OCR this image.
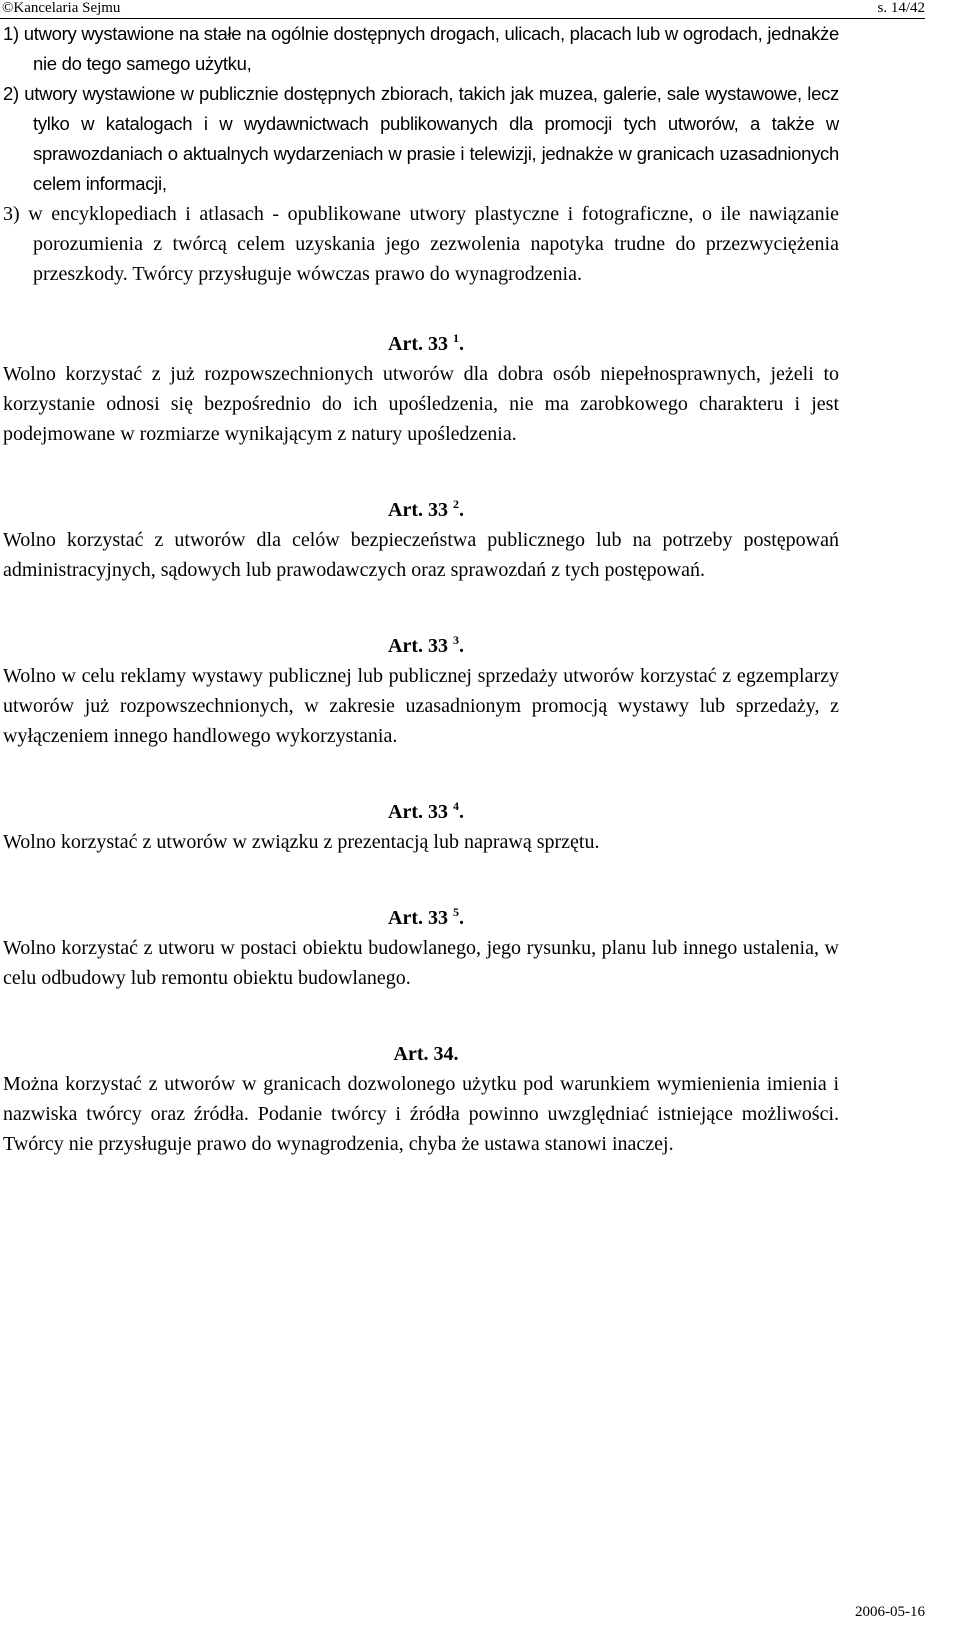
©Kancelaria Sejmu	s. 14/42
1) utwory wystawione na stałe na ogólnie dostępnych drogach, ulicach, placach lub w ogrodach, jednakże nie do tego samego użytku,
2) utwory wystawione w publicznie dostępnych zbiorach, takich jak muzea, galerie, sale wystawowe, lecz tylko w katalogach i w wydawnictwach publikowanych dla promocji tych utworów, a także w sprawozdaniach o aktualnych wydarzeniach w prasie i telewizji, jednakże w granicach uzasadnionych celem informacji,
3) w encyklopediach i atlasach - opublikowane utwory plastyczne i fotograficzne, o ile nawiązanie porozumienia z twórcą celem uzyskania jego zezwolenia napotyka trudne do przezwyciężenia przeszkody. Twórcy przysługuje wówczas prawo do wynagrodzenia.
Art. 33 $^1$.
Wolno korzystać z już rozpowszechnionych utworów dla dobra osób niepełnosprawnych, jeżeli to korzystanie odnosi się bezpośrednio do ich upośledzenia, nie ma zarobkowego charakteru i jest podejmowane w rozmiarze wynikającym z natury upośledzenia.
Art. 33 $^2$.
Wolno korzystać z utworów dla celów bezpieczeństwa publicznego lub na potrzeby postępowań administracyjnych, sądowych lub prawodawczych oraz sprawozdań z tych postępowań.
Art. 33 $^3$.
Wolno w celu reklamy wystawy publicznej lub publicznej sprzedaży utworów korzystać z egzemplarzy utworów już rozpowszechnionych, w zakresie uzasadnionym promocją wystawy lub sprzedaży, z wyłączeniem innego handlowego wykorzystania.
Art. 33 $^4$.
Wolno korzystać z utworów w związku z prezentacją lub naprawą sprzętu.
Art. 33 $^5$.
Wolno korzystać z utworu w postaci obiektu budowlanego, jego rysunku, planu lub innego ustalenia, w celu odbudowy lub remontu obiektu budowlanego.
Art. 34.
Można korzystać z utworów w granicach dozwolonego użytku pod warunkiem wymienienia imienia i nazwiska twórcy oraz źródła. Podanie twórcy i źródła powinno uwzględniać istniejące możliwości. Twórcy nie przysługuje prawo do wynagrodzenia, chyba że ustawa stanowi inaczej.
2006-05-16
